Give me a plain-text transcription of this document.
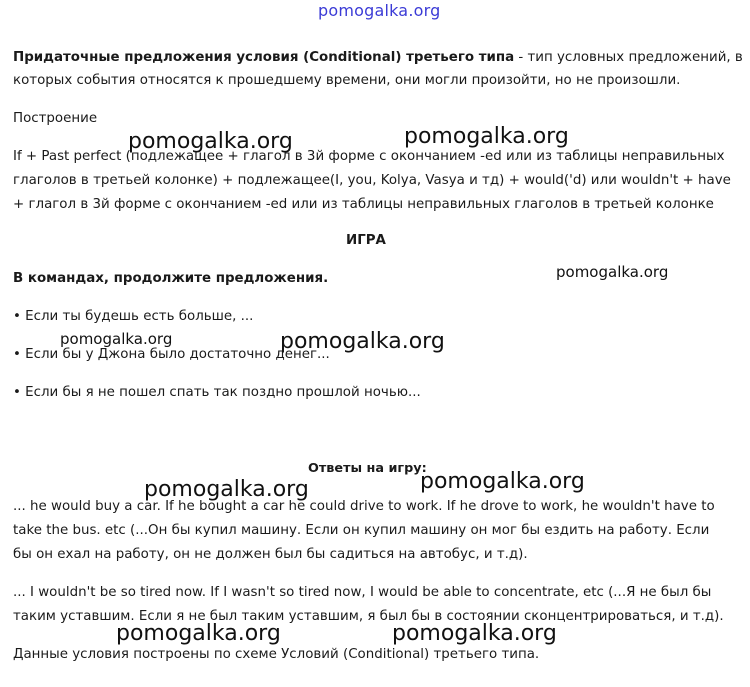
pomogalka.org
Придаточные предложения условия (Conditional) третьего типа - тип условных предложений, в
которых события относятся к прошедшему времени, они могли произойти, но не произошли.
Построение
If + Past perfect (подлежащее + глагол в 3й форме с окончанием -ed или из таблицы неправильных
глаголов в третьей колонке) + подлежащее(I, you, Kolya, Vasya и тд) + would('d) или wouldn't + have
+ глагол в 3й форме с окончанием -ed или из таблицы неправильных глаголов в третьей колонке
ИГРА
В командах, продолжите предложения.
• Если ты будешь есть больше, ...
• Если бы у Джона было достаточно денег...
• Если бы я не пошел спать так поздно прошлой ночью...
Ответы на игру:
... he would buy a car. If he bought a car he could drive to work. If he drove to work, he wouldn't have to
take the bus. etc (...Он бы купил машину. Если он купил машину он мог бы ездить на работу. Если
бы он ехал на работу, он не должен был бы садиться на автобус, и т.д).
... I wouldn't be so tired now. If I wasn't so tired now, I would be able to concentrate, etc (...Я не был бы
таким уставшим. Если я не был таким уставшим, я был бы в состоянии сконцентрироваться, и т.д).
Данные условия построены по схеме Условий (Conditional) третьего типа.
pomogalka.org	pomogalka.org
pomogalka.org
pomogalka.org	pomogalka.org
pomogalka.org
pomogalka.org
pomogalka.org	pomogalka.org
